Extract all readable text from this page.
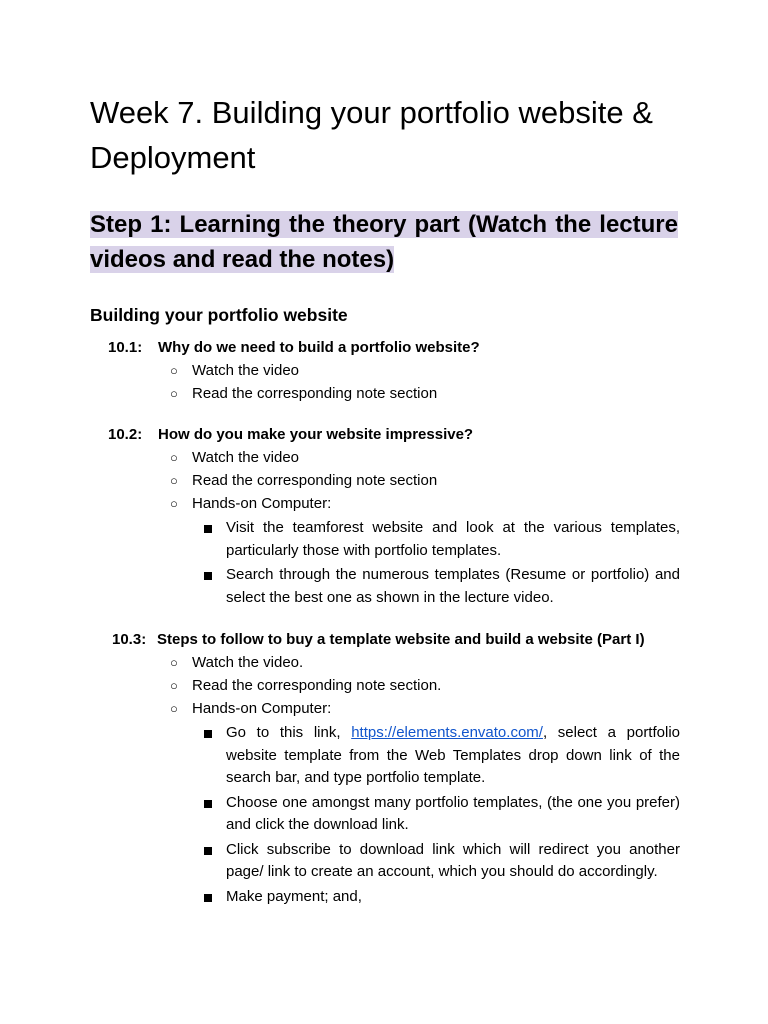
Week 7. Building your portfolio website & Deployment
Step 1: Learning the theory part (Watch the lecture videos and read the notes)
Building your portfolio website
10.1: Why do we need to build a portfolio website?
○ Watch the video
○ Read the corresponding note section
10.2: How do you make your website impressive?
○ Watch the video
○ Read the corresponding note section
○ Hands-on Computer:
Visit the teamforest website and look at the various templates, particularly those with portfolio templates.
Search through the numerous templates (Resume or portfolio) and select the best one as shown in the lecture video.
10.3: Steps to follow to buy a template website and build a website (Part I)
○ Watch the video.
○ Read the corresponding note section.
○ Hands-on Computer:
Go to this link, https://elements.envato.com/, select a portfolio website template from the Web Templates drop down link of the search bar, and type portfolio template.
Choose one amongst many portfolio templates, (the one you prefer) and click the download link.
Click subscribe to download link which will redirect you another page/ link to create an account, which you should do accordingly.
Make payment; and,
